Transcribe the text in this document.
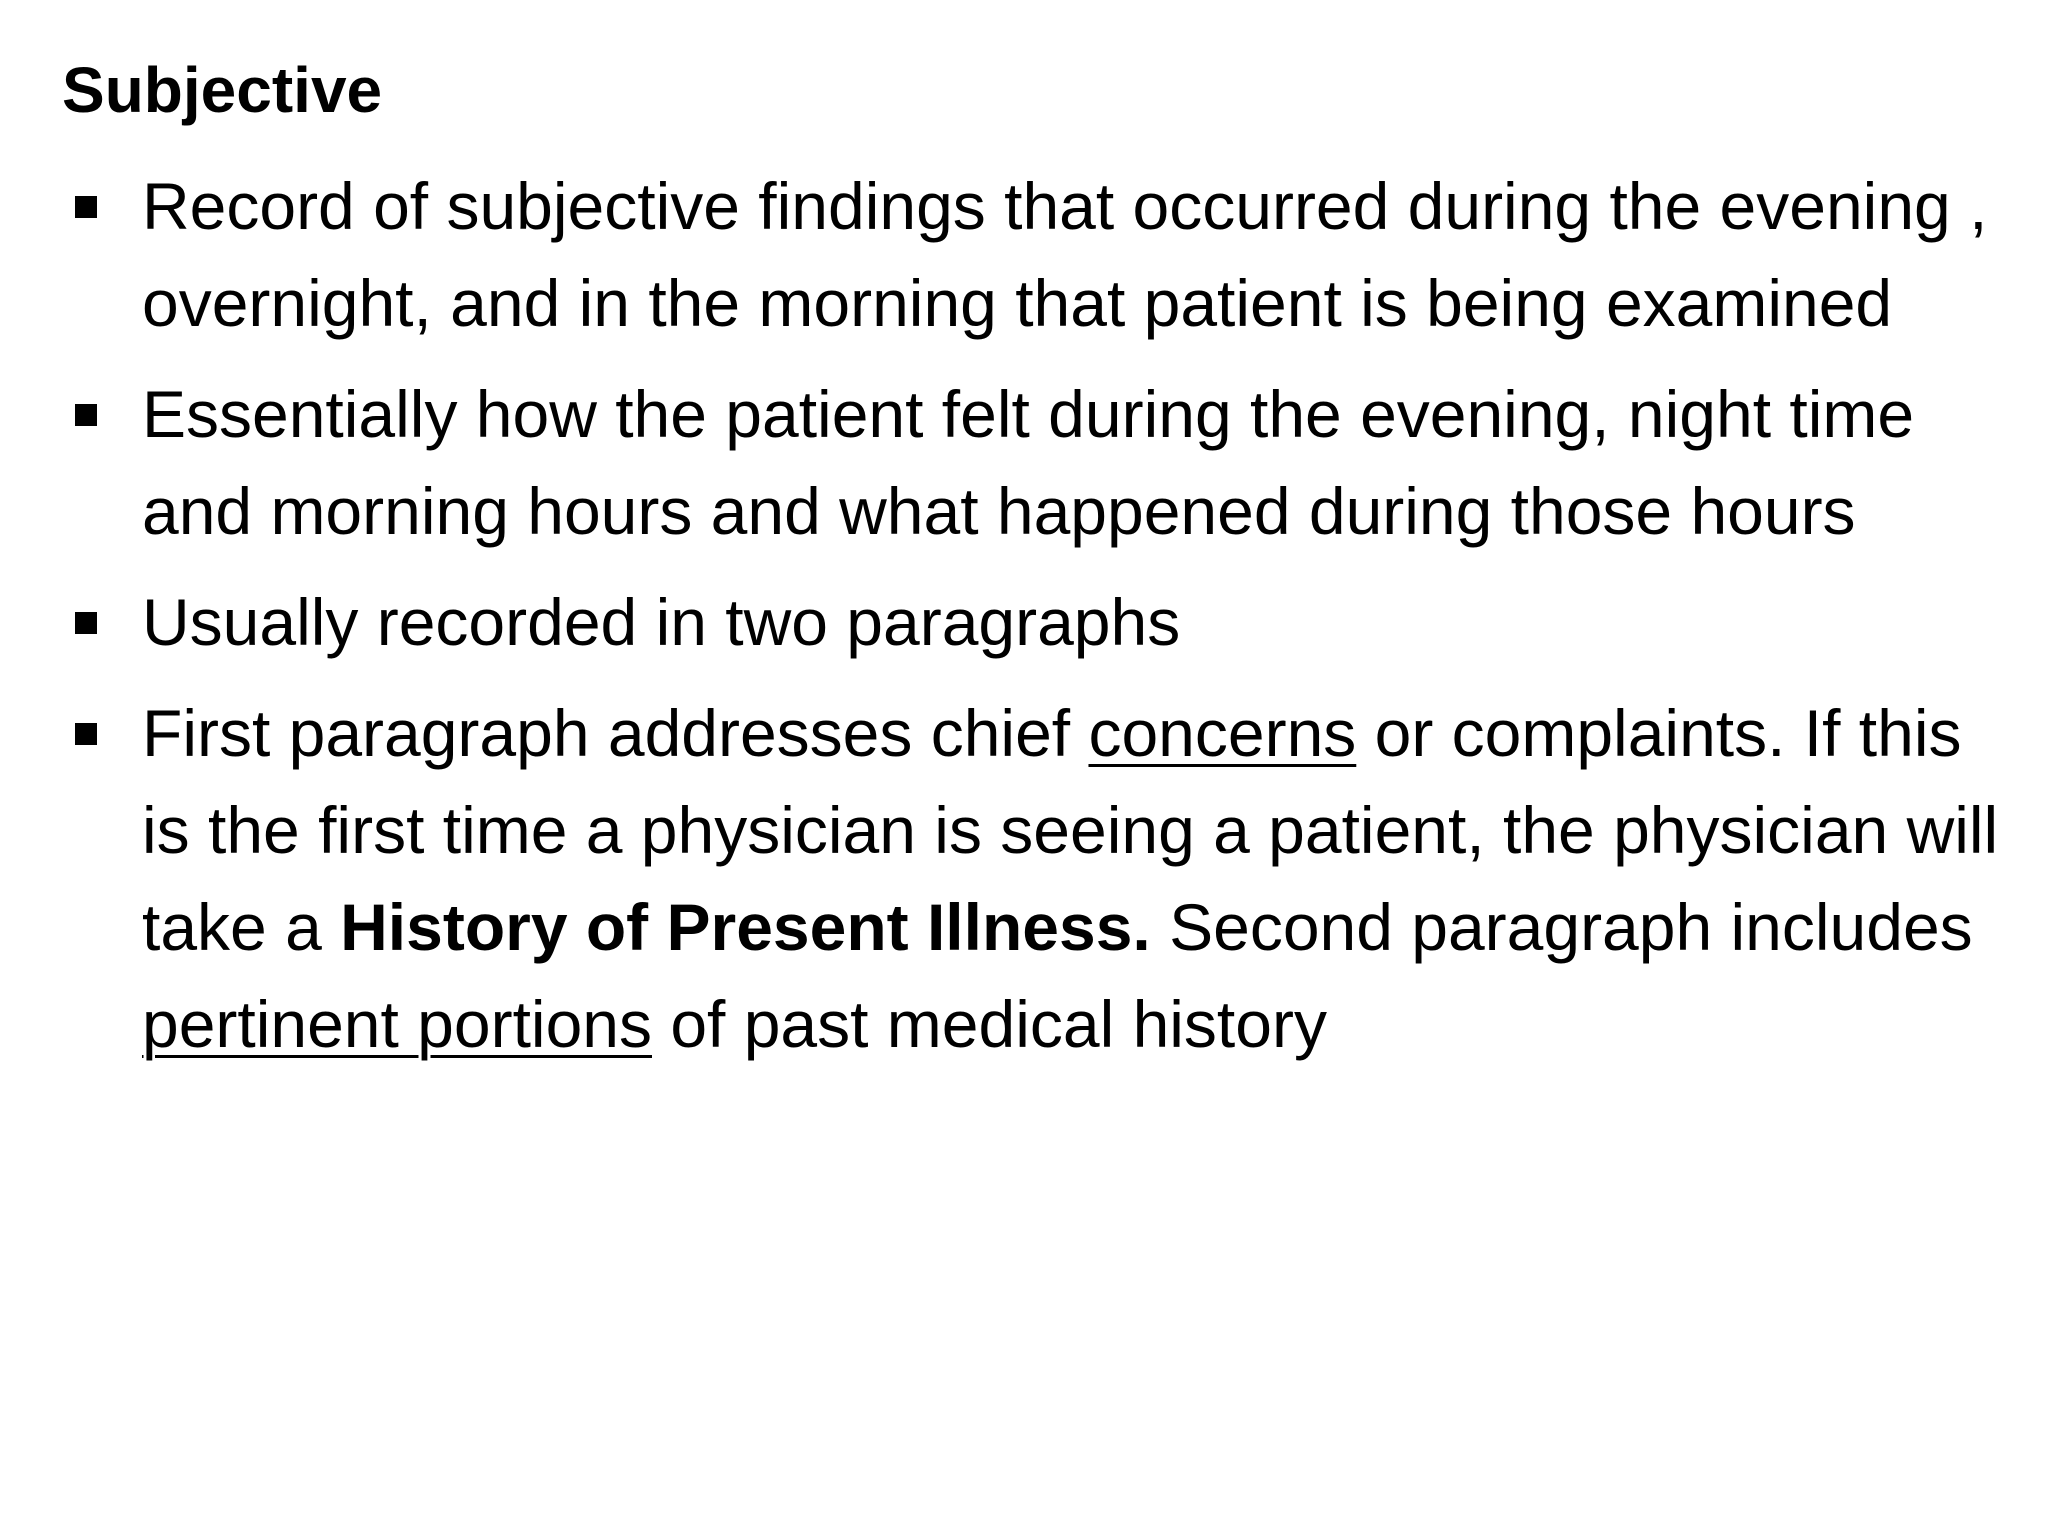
Subjective
Record of subjective findings that occurred during the evening , overnight, and in the morning that patient is being examined
Essentially how the patient felt during the evening, night time and morning hours and what happened during those hours
Usually recorded in two paragraphs
First paragraph addresses chief concerns or complaints. If this is the first time a physician is seeing a patient, the physician will take a History of Present Illness. Second paragraph includes pertinent portions of past medical history
